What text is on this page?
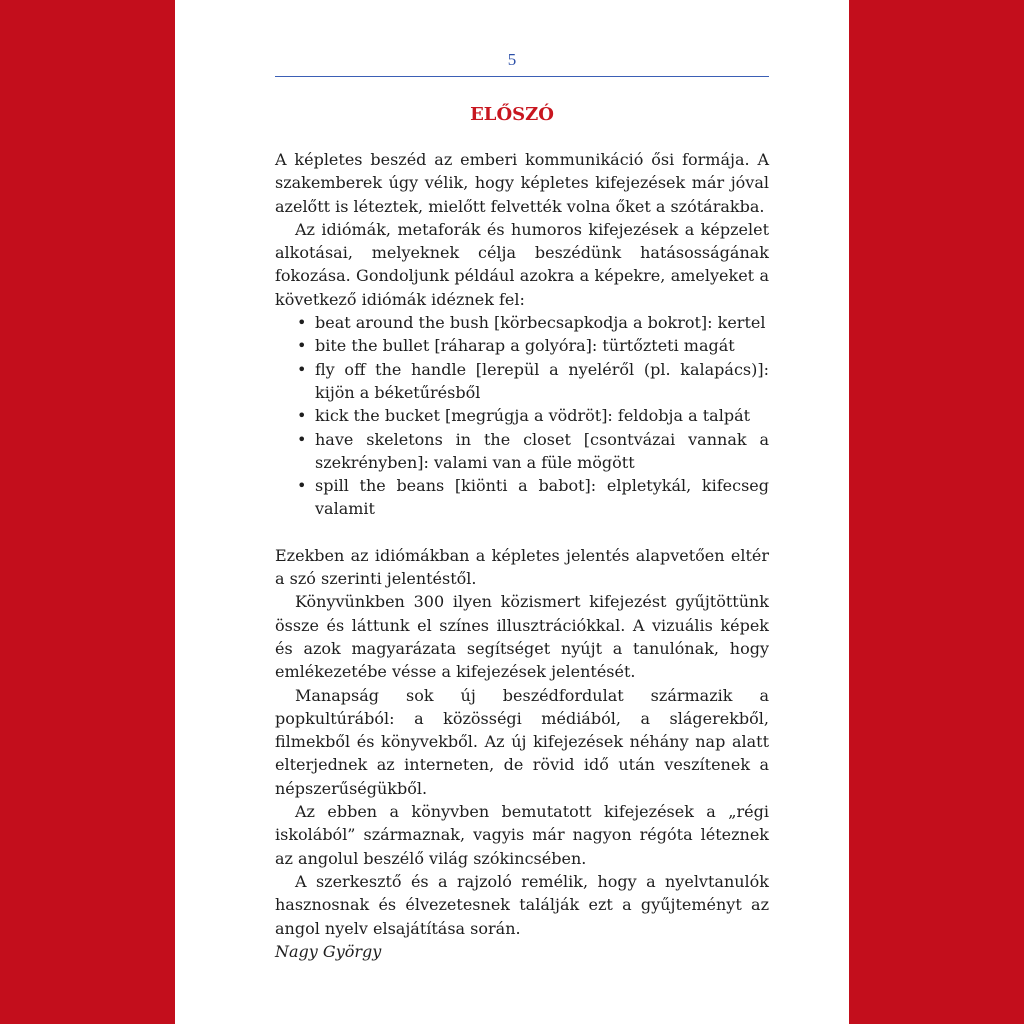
5
ELŐSZÓ

A képletes beszéd az emberi kommunikáció ősi formája. A szakemberek úgy vélik, hogy képletes kifejezések már jóval azelőtt is léteztek, mielőtt felvették volna őket a szótárakba.

Az idiómák, metaforák és humoros kifejezések a képzelet alkotásai, melyeknek célja beszédünk hatásosságának fokozása. Gondoljunk például azokra a képekre, amelyeket a következő idiómák idéznek fel:

• beat around the bush [körbecsapkodja a bokrot]: kertel
• bite the bullet [ráharap a golyóra]: türtőzteti magát
• fly off the handle [lerepül a nyeléről (pl. kalapács)]: kijön a béketűrésből
• kick the bucket [megrúgja a vödröt]: feldobja a talpát
• have skeletons in the closet [csontvázai vannak a szekrényben]: valami van a füle mögött
• spill the beans [kiönti a babot]: elpletykál, kifecseg valamit

Ezekben az idiómákban a képletes jelentés alapvetően eltér a szó szerinti jelentéstől.

Könyvünkben 300 ilyen közismert kifejezést gyűjtöttünk össze és láttunk el színes illusztrációkkal. A vizuális képek és azok magyarázata segítséget nyújt a tanulónak, hogy emlékezetébe vésse a kifejezések jelentését.

Manapság sok új beszédfordulat származik a popkultúrából: a közösségi médiából, a slágerekből, filmekből és könyvekből. Az új kifejezések néhány nap alatt elterjednek az interneten, de rövid idő után veszítenek a népszerűségükből.

Az ebben a könyvben bemutatott kifejezések a „régi iskolából” származnak, vagyis már nagyon régóta léteznek az angolul beszélő világ szókincsében.

A szerkesztő és a rajzoló remélik, hogy a nyelvtanulók hasznosnak és élvezetesnek találják ezt a gyűjteményt az angol nyelv elsajátítása során.

Nagy György
